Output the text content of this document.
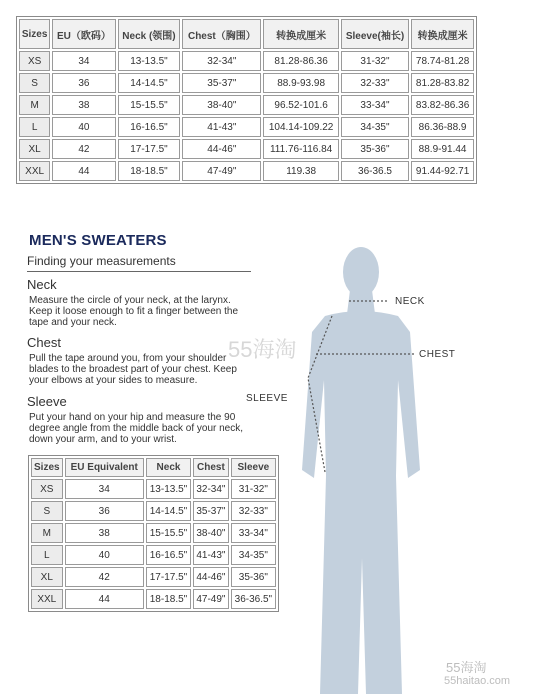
Sizes	EU（欧码）	Neck (领围)	Chest（胸围）	转换成厘米	Sleeve(袖长)	转换成厘米
XS	34	13-13.5"	32-34"	81.28-86.36	31-32"	78.74-81.28
S	36	14-14.5"	35-37"	88.9-93.98	32-33"	81.28-83.82
M	38	15-15.5"	38-40"	96.52-101.6	33-34"	83.82-86.36
L	40	16-16.5"	41-43"	104.14-109.22	34-35"	86.36-88.9
XL	42	17-17.5"	44-46"	111.76-116.84	35-36"	88.9-91.44
XXL	44	18-18.5"	47-49"	119.38	36-36.5	91.44-92.71
MEN'S SWEATERS
Finding your measurements
Neck
Measure the circle of your neck, at the larynx.
Keep it loose enough to fit a finger between the
tape and your neck.
Chest
Pull the tape around you, from your shoulder
blades to the broadest part of your chest. Keep
your elbows at your sides to measure.
Sleeve
Put your hand on your hip and measure the 90
degree angle from the middle back of your neck,
down your arm, and to your wrist.
NECK
CHEST
SLEEVE
Sizes	EU Equivalent	Neck	Chest	Sleeve
XS	34	13-13.5"	32-34"	31-32"
S	36	14-14.5"	35-37"	32-33"
M	38	15-15.5"	38-40"	33-34"
L	40	16-16.5"	41-43"	34-35"
XL	42	17-17.5"	44-46"	35-36"
XXL	44	18-18.5"	47-49"	36-36.5"
55海淘
55海淘
55haitao.com
